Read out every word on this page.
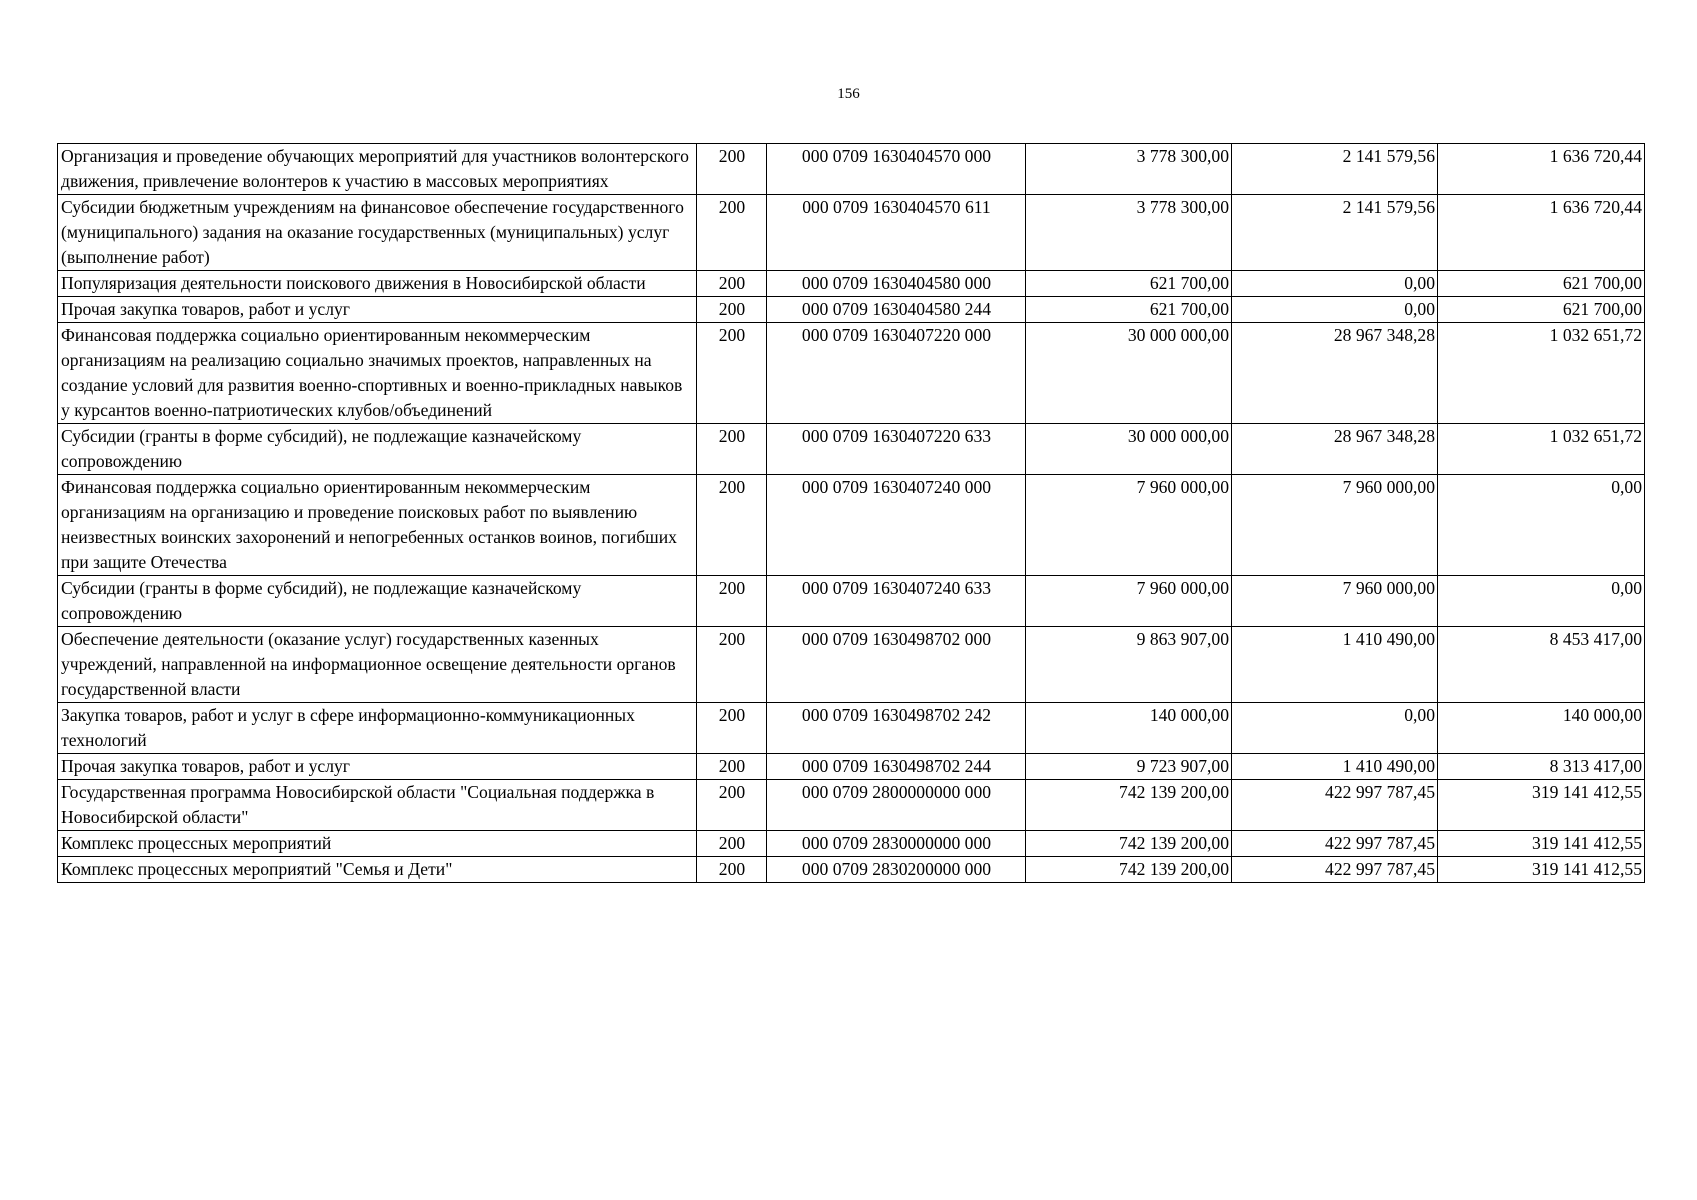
156
Организация и проведение обучающих мероприятий для участников волонтерского движения, привлечение волонтеров к участию в массовых мероприятиях	200	000 0709 1630404570 000	3 778 300,00	2 141 579,56	1 636 720,44
Субсидии бюджетным учреждениям на финансовое обеспечение государственного (муниципального) задания на оказание государственных (муниципальных) услуг (выполнение работ)	200	000 0709 1630404570 611	3 778 300,00	2 141 579,56	1 636 720,44
Популяризация деятельности поискового движения в Новосибирской области	200	000 0709 1630404580 000	621 700,00	0,00	621 700,00
Прочая закупка товаров, работ и услуг	200	000 0709 1630404580 244	621 700,00	0,00	621 700,00
Финансовая поддержка социально ориентированным некоммерческим организациям на реализацию социально значимых проектов, направленных на создание условий для развития военно-спортивных и военно-прикладных навыков у курсантов военно-патриотических клубов/объединений	200	000 0709 1630407220 000	30 000 000,00	28 967 348,28	1 032 651,72
Субсидии (гранты в форме субсидий), не подлежащие казначейскому сопровождению	200	000 0709 1630407220 633	30 000 000,00	28 967 348,28	1 032 651,72
Финансовая поддержка социально ориентированным некоммерческим организациям на организацию и проведение поисковых работ по выявлению неизвестных воинских захоронений и непогребенных останков воинов, погибших при защите Отечества	200	000 0709 1630407240 000	7 960 000,00	7 960 000,00	0,00
Субсидии (гранты в форме субсидий), не подлежащие казначейскому сопровождению	200	000 0709 1630407240 633	7 960 000,00	7 960 000,00	0,00
Обеспечение деятельности (оказание услуг) государственных казенных учреждений, направленной на информационное освещение деятельности органов государственной власти	200	000 0709 1630498702 000	9 863 907,00	1 410 490,00	8 453 417,00
Закупка товаров, работ и услуг в сфере информационно-коммуникационных технологий	200	000 0709 1630498702 242	140 000,00	0,00	140 000,00
Прочая закупка товаров, работ и услуг	200	000 0709 1630498702 244	9 723 907,00	1 410 490,00	8 313 417,00
Государственная программа Новосибирской области "Социальная поддержка в Новосибирской области"	200	000 0709 2800000000 000	742 139 200,00	422 997 787,45	319 141 412,55
Комплекс процессных мероприятий	200	000 0709 2830000000 000	742 139 200,00	422 997 787,45	319 141 412,55
Комплекс процессных мероприятий "Семья и Дети"	200	000 0709 2830200000 000	742 139 200,00	422 997 787,45	319 141 412,55
